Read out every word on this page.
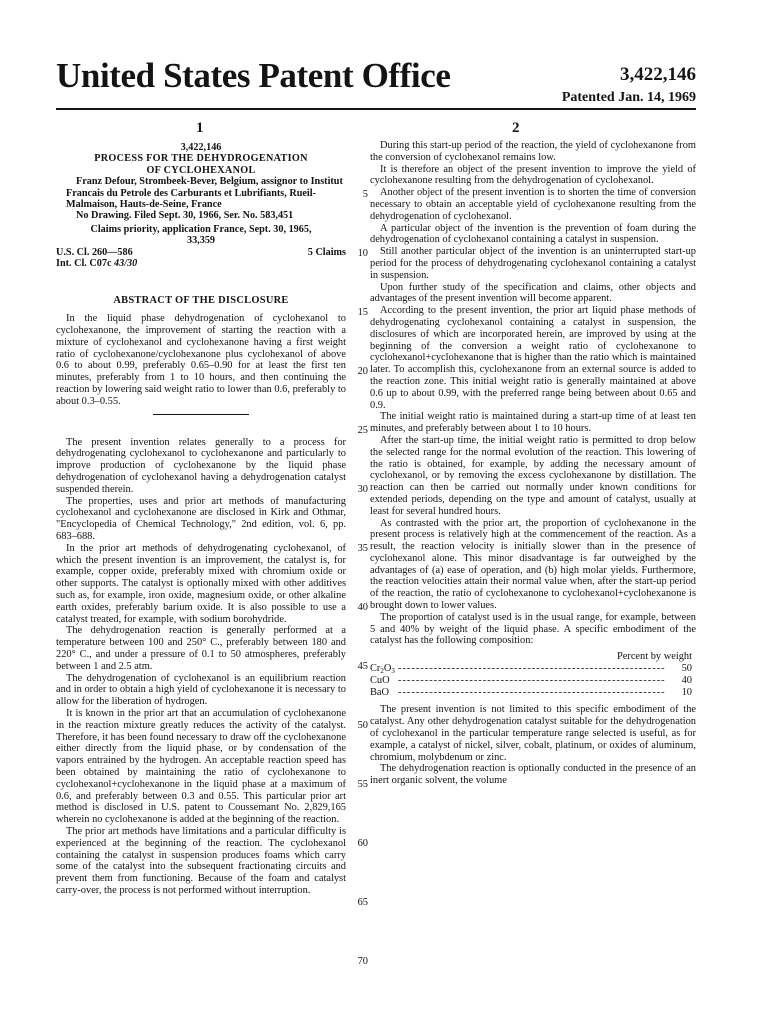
United States Patent Office	3,422,146
Patented Jan. 14, 1969
1	2
3,422,146
PROCESS FOR THE DEHYDROGENATION
OF CYCLOHEXANOL

Franz Defour, Strombeek-Bever, Belgium, assignor to Institut Francais du Petrole des Carburants et Lubrifiants, Rueil-Malmaison, Hauts-de-Seine, France

No Drawing. Filed Sept. 30, 1966, Ser. No. 583,451

Claims priority, application France, Sept. 30, 1965,
33,359
U.S. Cl. 260—586	5 Claims
Int. Cl. C07c 43/30
ABSTRACT OF THE DISCLOSURE

In the liquid phase dehydrogenation of cyclohexanol to cyclohexanone, the improvement of starting the reaction with a mixture of cyclohexanol and cyclohexanone having a first weight ratio of cyclohexanone/cyclohexanone plus cyclohexanol of above 0.6 to about 0.99, preferably 0.65–0.90 for at least the first ten minutes, preferably from 1 to 10 hours, and then continuing the reaction by lowering said weight ratio to lower than 0.6, preferably to about 0.3–0.55.

The present invention relates generally to a process for dehydrogenating cyclohexanol to cyclohexanone and particularly to improve production of cyclohexanone by the liquid phase dehydrogenation of cyclohexanol having a dehydrogenation catalyst suspended therein.

The properties, uses and prior art methods of manufacturing cyclohexanol and cyclohexanone are disclosed in Kirk and Othmar, "Encyclopedia of Chemical Technology," 2nd edition, vol. 6, pp. 683–688.

In the prior art methods of dehydrogenating cyclohexanol, of which the present invention is an improvement, the catalyst is, for example, copper oxide, preferably mixed with chromium oxide or other supports. The catalyst is optionally mixed with other additives such as, for example, iron oxide, magnesium oxide, or other alkaline earth oxides, preferably barium oxide. It is also possible to use a catalyst treated, for example, with sodium borohydride.

The dehydrogenation reaction is generally performed at a temperature between 100 and 250° C., preferably between 180 and 220° C., and under a pressure of 0.1 to 50 atmospheres, preferably between 1 and 2.5 atm.

The dehydrogenation of cyclohexanol is an equilibrium reaction and in order to obtain a high yield of cyclohexanone it is necessary to allow for the liberation of hydrogen.

It is known in the prior art that an accumulation of cyclohexanone in the reaction mixture greatly reduces the activity of the catalyst. Therefore, it has been found necessary to draw off the cyclohexanone either directly from the liquid phase, or by condensation of the vapors entrained by the hydrogen. An acceptable reaction speed has been obtained by maintaining the ratio of cyclohexanone to cyclohexanol+cyclohexanone in the liquid phase at a maximum of 0.6, and preferably between 0.3 and 0.55. This particular prior art method is disclosed in U.S. patent to Coussemant No. 2,829,165 wherein no cyclohexanone is added at the beginning of the reaction.

The prior art methods have limitations and a particular difficulty is experienced at the beginning of the reaction. The cyclohexanol containing the catalyst in suspension produces foams which carry some of the catalyst into the subsequent fractionating circuits and prevent them from functioning. Because of the foam and catalyst carry-over, the process is not performed without interruption.

5
10
15
20
25
30
35
40
45
50
55
60
65
70

During this start-up period of the reaction, the yield of cyclohexanone from the conversion of cyclohexanol remains low.

It is therefore an object of the present invention to improve the yield of cyclohexanone resulting from the dehydrogenation of cyclohexanol.

Another object of the present invention is to shorten the time of conversion necessary to obtain an acceptable yield of cyclohexanone resulting from the dehydrogenation of cyclohexanol.

A particular object of the invention is the prevention of foam during the dehydrogenation of cyclohexanol containing a catalyst in suspension.

Still another particular object of the invention is an uninterrupted start-up period for the process of dehydrogenating cyclohexanol containing a catalyst in suspension.

Upon further study of the specification and claims, other objects and advantages of the present invention will become apparent.

According to the present invention, the prior art liquid phase methods of dehydrogenating cyclohexanol containing a catalyst in suspension, the disclosures of which are incorporated herein, are improved by using at the beginning of the conversion a weight ratio of cyclohexanone to cyclohexanol+cyclohexanone that is higher than the ratio which is maintained later. To accomplish this, cyclohexanone from an external source is added to the reaction zone. This initial weight ratio is generally maintained at above 0.6 up to about 0.99, with the preferred range being between about 0.65 and 0.9.

The initial weight ratio is maintained during a start-up time of at least ten minutes, and preferably between about 1 to 10 hours.

After the start-up time, the initial weight ratio is permitted to drop below the selected range for the normal evolution of the reaction. This lowering of the ratio is obtained, for example, by adding the necessary amount of cyclohexanol, or by removing the excess cyclohexanone by distillation. The reaction can then be carried out normally under known conditions for extended periods, depending on the type and amount of catalyst, usually at least for several hundred hours.

As contrasted with the prior art, the proportion of cyclohexanone in the present process is relatively high at the commencement of the reaction. As a result, the reaction velocity is initially slower than in the presence of cyclohexanol alone. This minor disadvantage is far outweighed by the advantages of (a) ease of operation, and (b) high molar yields. Furthermore, the reaction velocities attain their normal value when, after the start-up period of the reaction, the ratio of cyclohexanone to cyclohexanol+cyclohexanone is brought down to lower values.

The proportion of catalyst used is in the usual range, for example, between 5 and 40% by weight of the liquid phase. A specific embodiment of the catalyst has the following composition:

Percent by weight
$Cr_2O_3$ ------------------------------------------------------------	50
CuO ------------------------------------------------------------	40
BaO ------------------------------------------------------------	10

The present invention is not limited to this specific embodiment of the catalyst. Any other dehydrogenation catalyst suitable for the dehydrogenation of cyclohexanol in the particular temperature range selected is useful, as for example, a catalyst of nickel, silver, cobalt, platinum, or oxides of aluminum, chromium, molybdenum or zinc.

The dehydrogenation reaction is optionally conducted in the presence of an inert organic solvent, the volume
